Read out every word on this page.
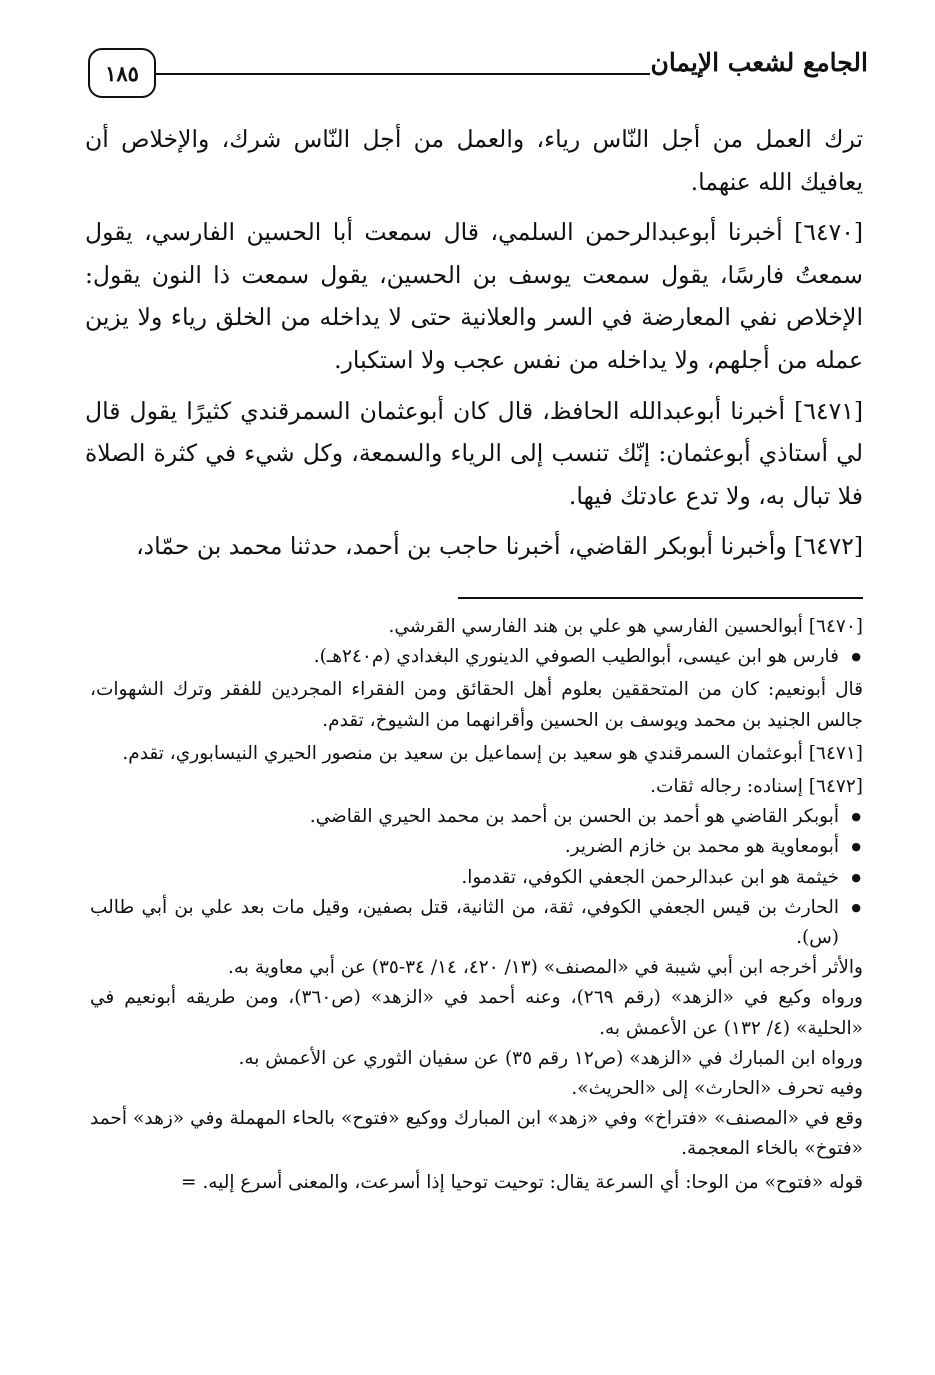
الجامع لشعب الإيمان
١٨٥

ترك العمل من أجل النّاس رياء، والعمل من أجل النّاس شرك، والإخلاص أن يعافيك الله عنهما.

[٦٤٧٠] أخبرنا أبوعبدالرحمن السلمي، قال سمعت أبا الحسين الفارسي، يقول سمعتُ فارسًا، يقول سمعت يوسف بن الحسين، يقول سمعت ذا النون يقول: الإخلاص نفي المعارضة في السر والعلانية حتى لا يداخله من الخلق رياء ولا يزين عمله من أجلهم، ولا يداخله من نفس عجب ولا استكبار.

[٦٤٧١] أخبرنا أبوعبدالله الحافظ، قال كان أبوعثمان السمرقندي كثيرًا يقول قال لي أستاذي أبوعثمان: إنّك تنسب إلى الرياء والسمعة، وكل شيء في كثرة الصلاة فلا تبال به، ولا تدع عادتك فيها.

[٦٤٧٢] وأخبرنا أبوبكر القاضي، أخبرنا حاجب بن أحمد، حدثنا محمد بن حمّاد،

[٦٤٧٠] أبوالحسين الفارسي هو علي بن هند الفارسي القرشي.

● فارس هو ابن عيسى، أبوالطيب الصوفي الدينوري البغدادي (م٢٤٠هـ).

قال أبونعيم: كان من المتحققين بعلوم أهل الحقائق ومن الفقراء المجردين للفقر وترك الشهوات، جالس الجنيد بن محمد ويوسف بن الحسين وأقرانهما من الشيوخ، تقدم.

[٦٤٧١] أبوعثمان السمرقندي هو سعيد بن إسماعيل بن سعيد بن منصور الحيري النيسابوري، تقدم.

[٦٤٧٢] إسناده: رجاله ثقات.

● أبوبكر القاضي هو أحمد بن الحسن بن أحمد بن محمد الحيري القاضي.

● أبومعاوية هو محمد بن خازم الضرير.

● خيثمة هو ابن عبدالرحمن الجعفي الكوفي، تقدموا.

● الحارث بن قيس الجعفي الكوفي، ثقة، من الثانية، قتل بصفين، وقيل مات بعد علي بن أبي طالب (س).

والأثر أخرجه ابن أبي شيبة في «المصنف» (١٣/ ٤٢٠، ١٤/ ٣٤-٣٥) عن أبي معاوية به.

ورواه وكيع في «الزهد» (رقم ٢٦٩)، وعنه أحمد في «الزهد» (ص٣٦٠)، ومن طريقه أبونعيم في «الحلية» (٤/ ١٣٢) عن الأعمش به.

ورواه ابن المبارك في «الزهد» (ص١٢ رقم ٣٥) عن سفيان الثوري عن الأعمش به.

وفيه تحرف «الحارث» إلى «الحريث».

وقع في «المصنف» «فتراخ» وفي «زهد» ابن المبارك ووكيع «فتوح» بالحاء المهملة وفي «زهد» أحمد «فتوخ» بالخاء المعجمة.

قوله «فتوح» من الوحا: أي السرعة يقال: توحيت توحيا إذا أسرعت، والمعنى أسرع إليه. =
